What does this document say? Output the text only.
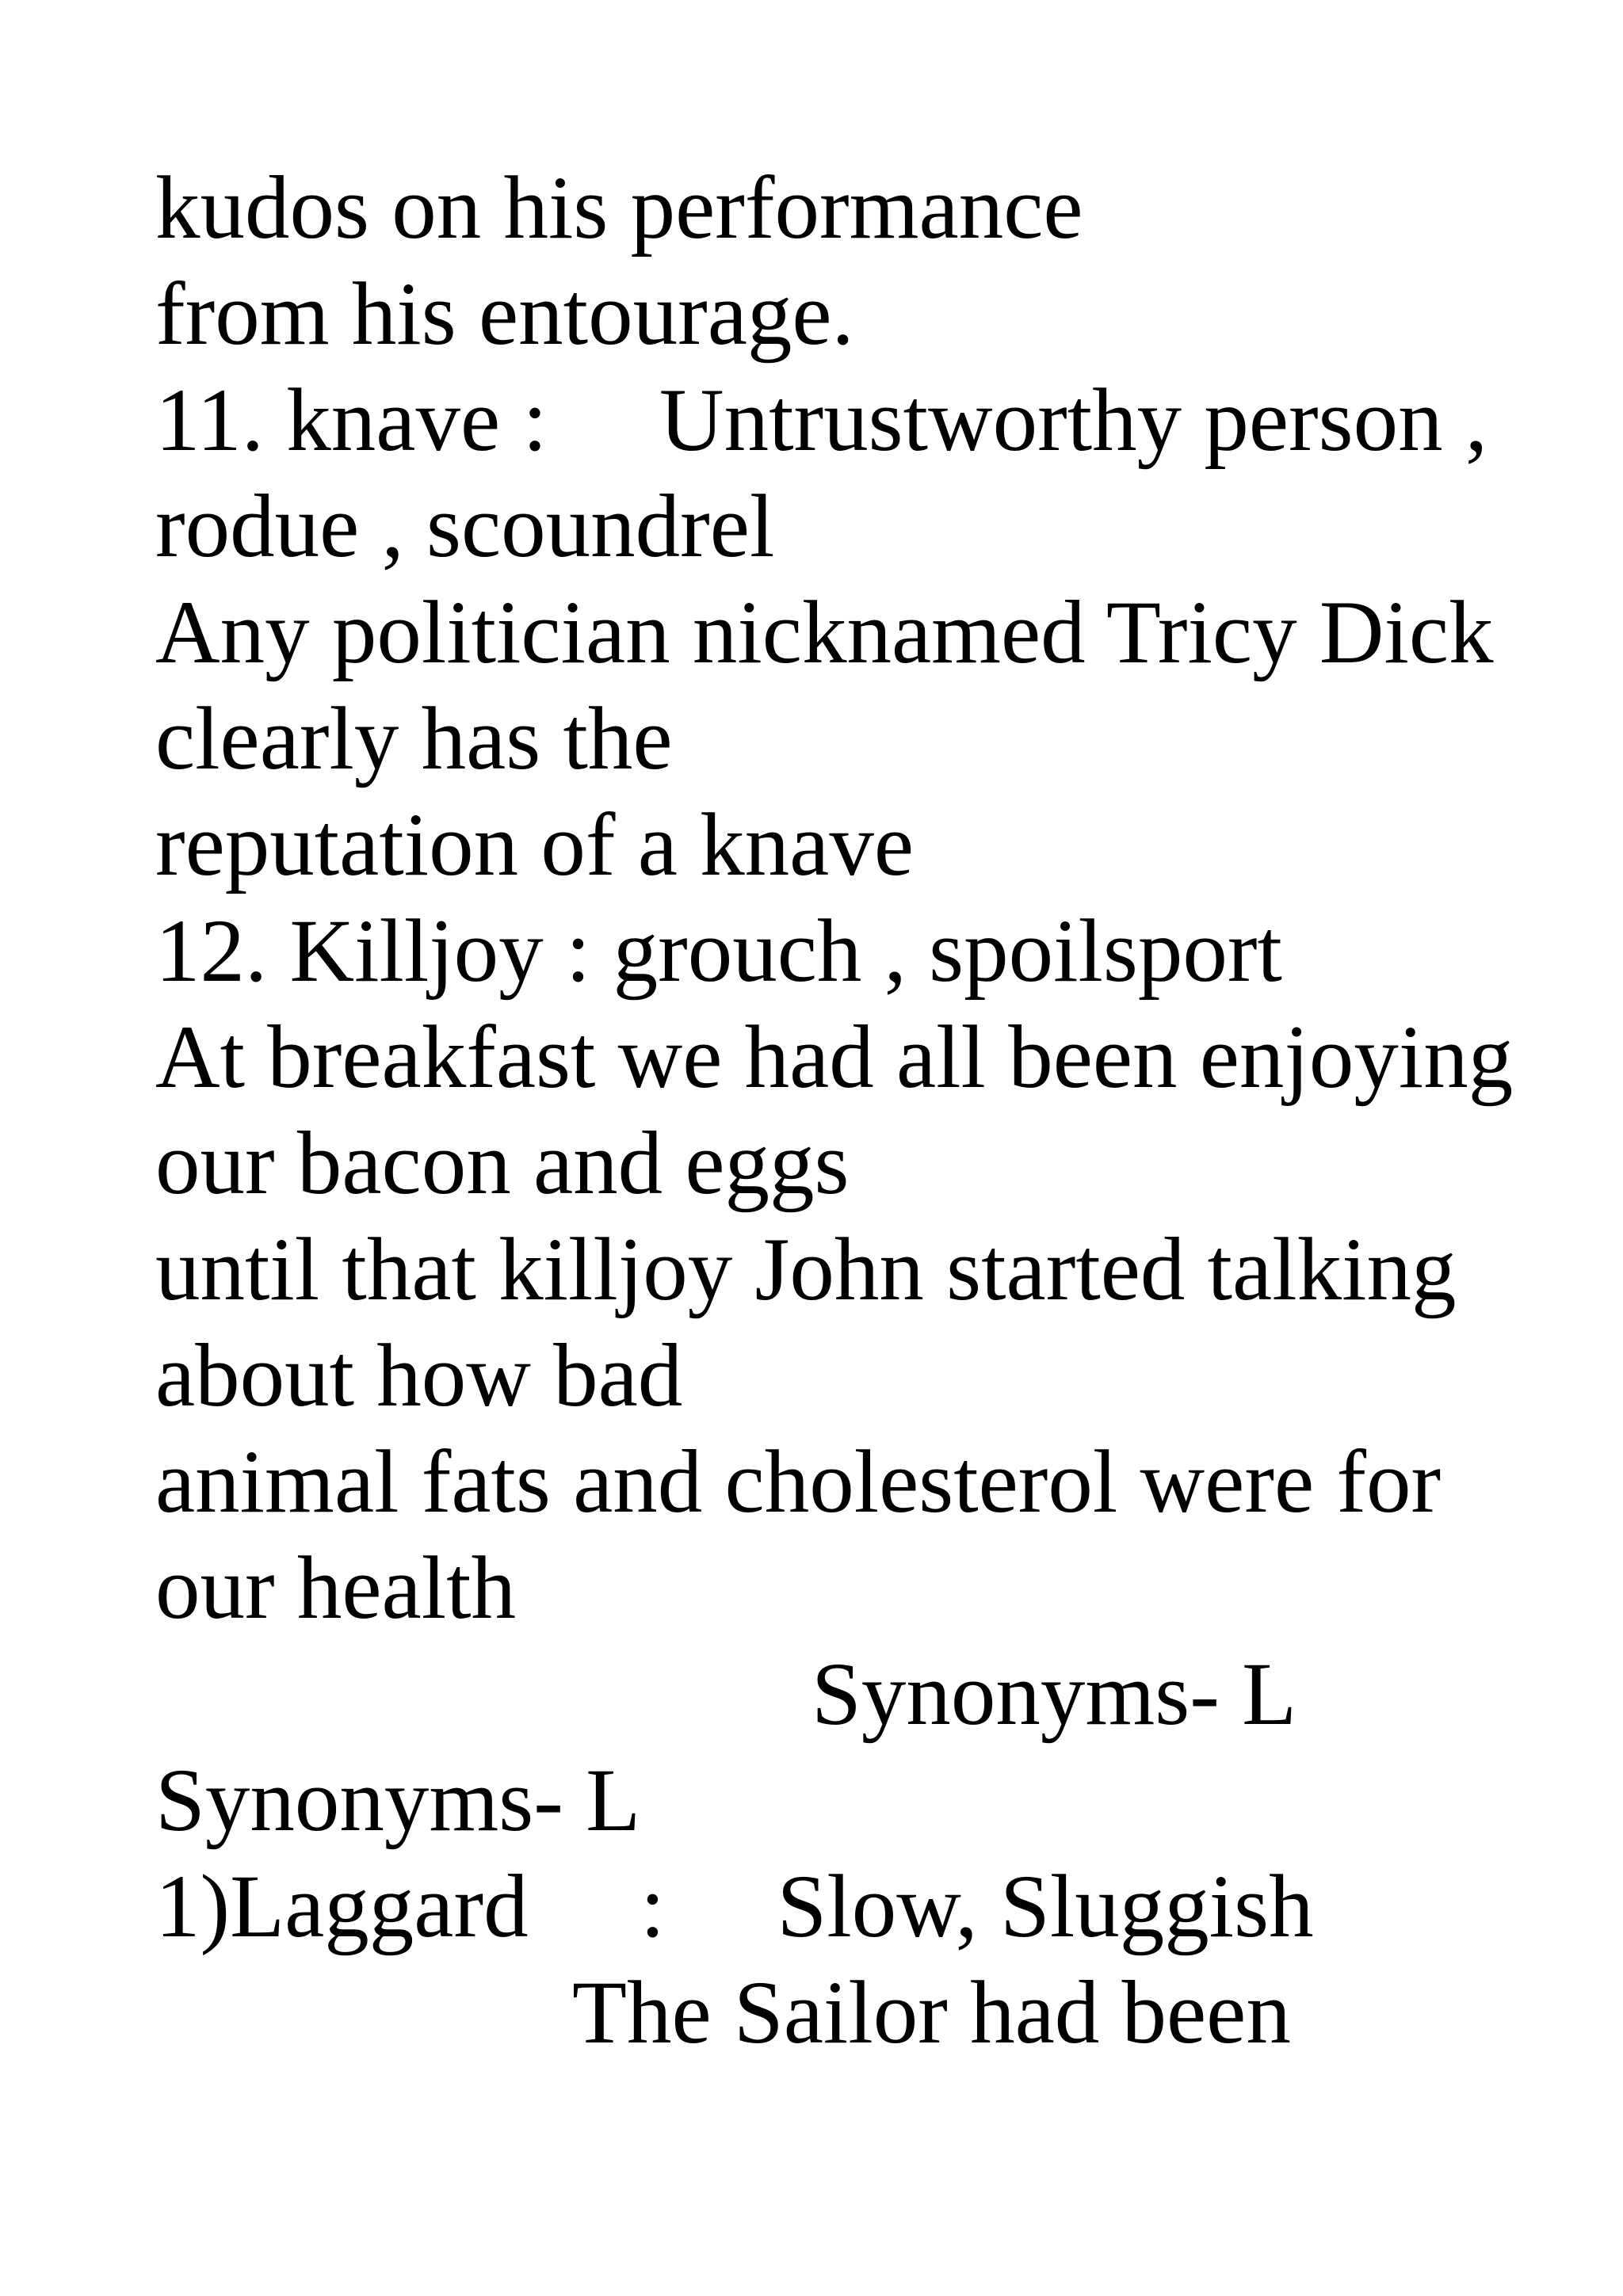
kudos on his performance
from his entourage.
11. knave :     Untrustworthy person ,
rodue , scoundrel
Any politician nicknamed Tricy Dick
clearly has the
reputation of a knave
12. Killjoy : grouch , spoilsport
At breakfast we had all been enjoying
our bacon and eggs
until that killjoy John started talking
about how bad
animal fats and cholesterol were for
our health
Synonyms- L
Synonyms- L
1)Laggard     :     Slow, Sluggish
The Sailor had been
